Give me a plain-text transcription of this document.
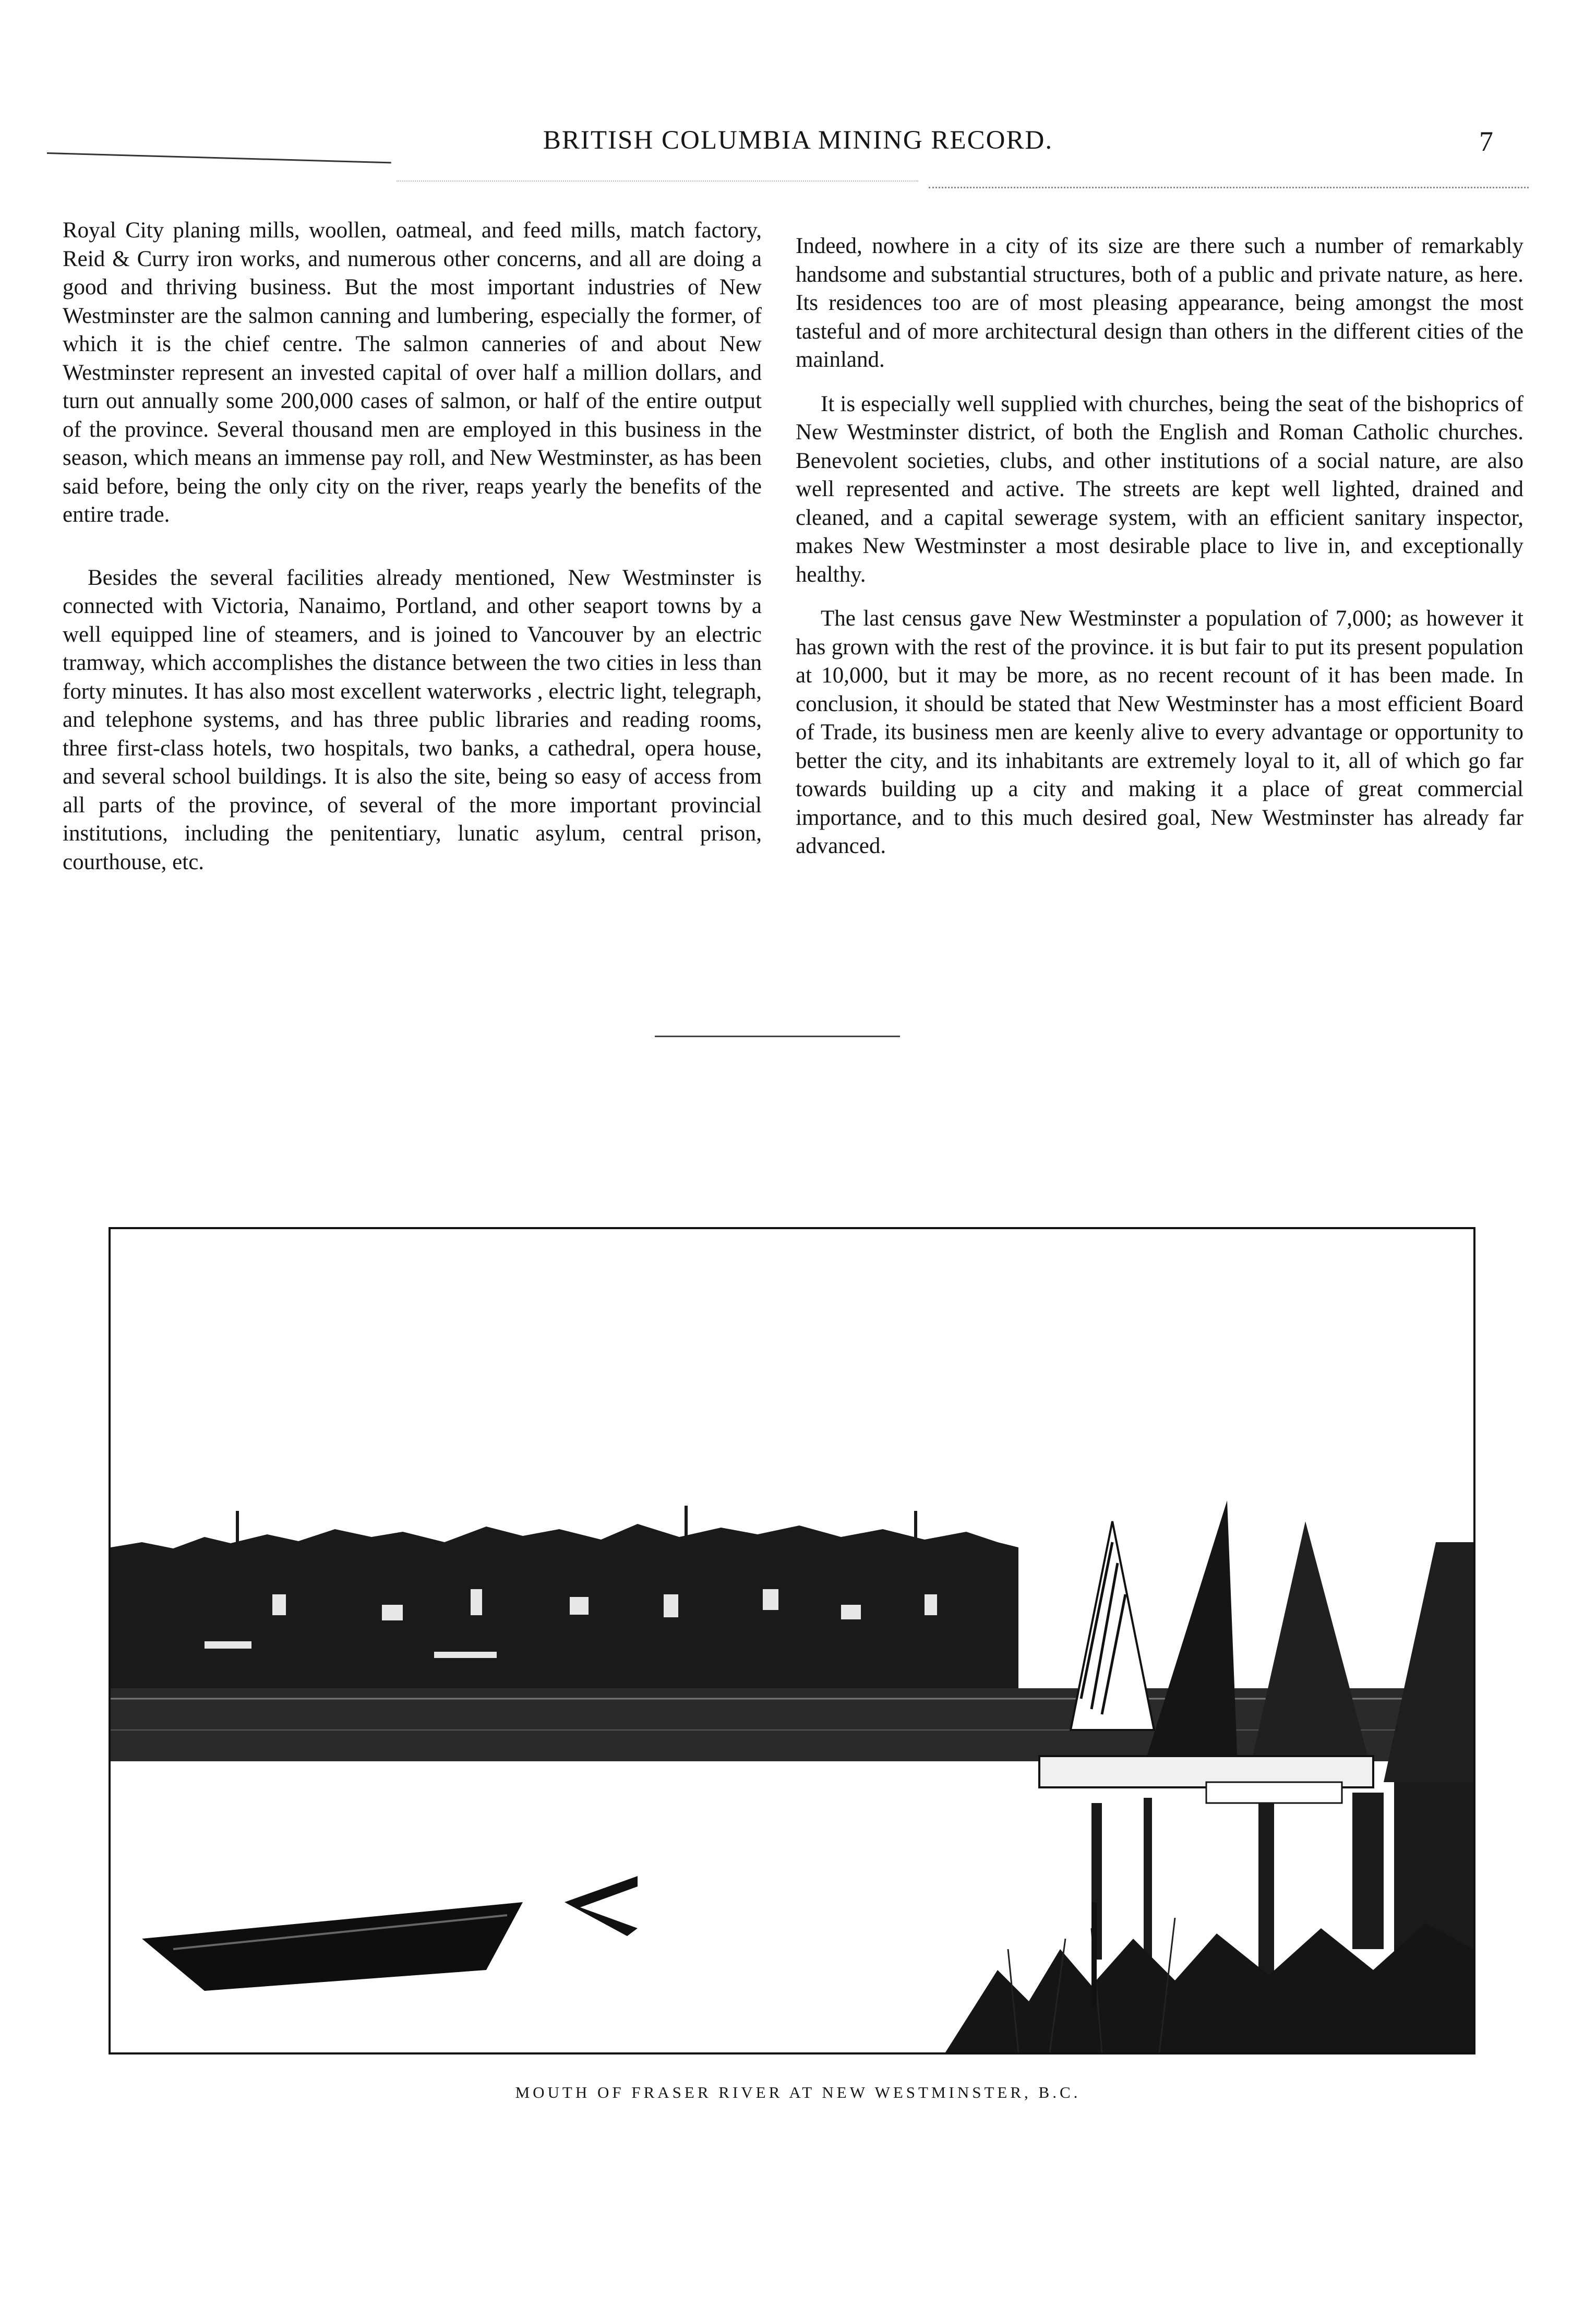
BRITISH COLUMBIA MINING RECORD.	7

Royal City planing mills, woollen, oatmeal, and feed mills, match factory, Reid & Curry iron works, and numerous other concerns, and all are doing a good and thriving business. But the most important industries of New Westminster are the salmon canning and lumbering, especially the former, of which it is the chief centre. The salmon canneries of and about New Westminster represent an invested capital of over half a million dollars, and turn out annually some 200,000 cases of salmon, or half of the entire output of the province. Several thousand men are employed in this business in the season, which means an immense pay roll, and New Westminster, as has been said before, being the only city on the river, reaps yearly the benefits of the entire trade.

Besides the several facilities already mentioned, New Westminster is connected with Victoria, Nanaimo, Portland, and other seaport towns by a well equipped line of steamers, and is joined to Vancouver by an electric tramway, which accomplishes the distance between the two cities in less than forty minutes. It has also most excellent waterworks , electric light, telegraph, and telephone systems, and has three public libraries and reading rooms, three first-class hotels, two hospitals, two banks, a cathedral, opera house, and several school buildings. It is also the site, being so easy of access from all parts of the province, of several of the more important provincial institutions, including the penitentiary, lunatic asylum, central prison, courthouse, etc.

Indeed, nowhere in a city of its size are there such a number of remarkably handsome and substantial structures, both of a public and private nature, as here. Its residences too are of most pleasing appearance, being amongst the most tasteful and of more architectural design than others in the different cities of the mainland.

It is especially well supplied with churches, being the seat of the bishoprics of New Westminster district, of both the English and Roman Catholic churches. Benevolent societies, clubs, and other institutions of a social nature, are also well represented and active. The streets are kept well lighted, drained and cleaned, and a capital sewerage system, with an efficient sanitary inspector, makes New Westminster a most desirable place to live in, and exceptionally healthy.

The last census gave New Westminster a population of 7,000; as however it has grown with the rest of the province. it is but fair to put its present population at 10,000, but it may be more, as no recent recount of it has been made. In conclusion, it should be stated that New Westminster has a most efficient Board of Trade, its business men are keenly alive to every advantage or opportunity to better the city, and its inhabitants are extremely loyal to it, all of which go far towards building up a city and making it a place of great commercial importance, and to this much desired goal, New Westminster has already far advanced.

MOUTH OF FRASER RIVER AT NEW WESTMINSTER, B.C.
